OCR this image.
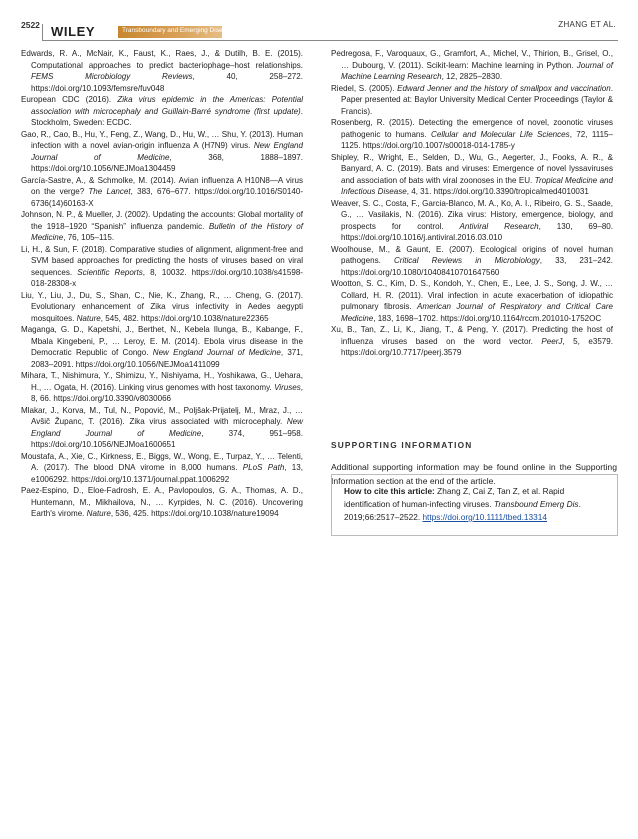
2522 WILEY	Transboundary and Emerging Diseases
ZHANG ET AL.
Edwards, R. A., McNair, K., Faust, K., Raes, J., & Dutilh, B. E. (2015). Computational approaches to predict bacteriophage–host relationships. FEMS Microbiology Reviews, 40, 258–272. https://doi.org/10.1093/femsre/fuv048
European CDC (2016). Zika virus epidemic in the Americas: Potential association with microcephaly and Guillain-Barré syndrome (first update). Stockholm, Sweden: ECDC.
Gao, R., Cao, B., Hu, Y., Feng, Z., Wang, D., Hu, W., … Shu, Y. (2013). Human infection with a novel avian-origin influenza A (H7N9) virus. New England Journal of Medicine, 368, 1888–1897. https://doi.org/10.1056/NEJMoa1304459
García-Sastre, A., & Schmolke, M. (2014). Avian influenza A H10N8—A virus on the verge? The Lancet, 383, 676–677. https://doi.org/10.1016/S0140-6736(14)60163-X
Johnson, N. P., & Mueller, J. (2002). Updating the accounts: Global mortality of the 1918–1920 “Spanish” influenza pandemic. Bulletin of the History of Medicine, 76, 105–115.
Li, H., & Sun, F. (2018). Comparative studies of alignment, alignment-free and SVM based approaches for predicting the hosts of viruses based on viral sequences. Scientific Reports, 8, 10032. https://doi.org/10.1038/s41598-018-28308-x
Liu, Y., Liu, J., Du, S., Shan, C., Nie, K., Zhang, R., … Cheng, G. (2017). Evolutionary enhancement of Zika virus infectivity in Aedes aegypti mosquitoes. Nature, 545, 482. https://doi.org/10.1038/nature22365
Maganga, G. D., Kapetshi, J., Berthet, N., Kebela Ilunga, B., Kabange, F., Mbala Kingebeni, P., … Leroy, E. M. (2014). Ebola virus disease in the Democratic Republic of Congo. New England Journal of Medicine, 371, 2083–2091. https://doi.org/10.1056/NEJMoa1411099
Mihara, T., Nishimura, Y., Shimizu, Y., Nishiyama, H., Yoshikawa, G., Uehara, H., … Ogata, H. (2016). Linking virus genomes with host taxonomy. Viruses, 8, 66. https://doi.org/10.3390/v8030066
Mlakar, J., Korva, M., Tul, N., Popović, M., Poljšak-Prijatelj, M., Mraz, J., … Avšič Županc, T. (2016). Zika virus associated with microcephaly. New England Journal of Medicine, 374, 951–958. https://doi.org/10.1056/NEJMoa1600651
Moustafa, A., Xie, C., Kirkness, E., Biggs, W., Wong, E., Turpaz, Y., … Telenti, A. (2017). The blood DNA virome in 8,000 humans. PLoS Path, 13, e1006292. https://doi.org/10.1371/journal.ppat.1006292
Paez-Espino, D., Eloe-Fadrosh, E. A., Pavlopoulos, G. A., Thomas, A. D., Huntemann, M., Mikhailova, N., … Kyrpides, N. C. (2016). Uncovering Earth's virome. Nature, 536, 425. https://doi.org/10.1038/nature19094
Pedregosa, F., Varoquaux, G., Gramfort, A., Michel, V., Thirion, B., Grisel, O., … Dubourg, V. (2011). Scikit-learn: Machine learning in Python. Journal of Machine Learning Research, 12, 2825–2830.
Riedel, S. (2005). Edward Jenner and the history of smallpox and vaccination. Paper presented at: Baylor University Medical Center Proceedings (Taylor & Francis).
Rosenberg, R. (2015). Detecting the emergence of novel, zoonotic viruses pathogenic to humans. Cellular and Molecular Life Sciences, 72, 1115–1125. https://doi.org/10.1007/s00018-014-1785-y
Shipley, R., Wright, E., Selden, D., Wu, G., Aegerter, J., Fooks, A. R., & Banyard, A. C. (2019). Bats and viruses: Emergence of novel lyssaviruses and association of bats with viral zoonoses in the EU. Tropical Medicine and Infectious Disease, 4, 31. https://doi.org/10.3390/tropicalmed4010031
Weaver, S. C., Costa, F., Garcia-Blanco, M. A., Ko, A. I., Ribeiro, G. S., Saade, G., … Vasilakis, N. (2016). Zika virus: History, emergence, biology, and prospects for control. Antiviral Research, 130, 69–80. https://doi.org/10.1016/j.antiviral.2016.03.010
Woolhouse, M., & Gaunt, E. (2007). Ecological origins of novel human pathogens. Critical Reviews in Microbiology, 33, 231–242. https://doi.org/10.1080/10408410701647560
Wootton, S. C., Kim, D. S., Kondoh, Y., Chen, E., Lee, J. S., Song, J. W., … Collard, H. R. (2011). Viral infection in acute exacerbation of idiopathic pulmonary fibrosis. American Journal of Respiratory and Critical Care Medicine, 183, 1698–1702. https://doi.org/10.1164/rccm.201010-1752OC
Xu, B., Tan, Z., Li, K., Jiang, T., & Peng, Y. (2017). Predicting the host of influenza viruses based on the word vector. PeerJ, 5, e3579. https://doi.org/10.7717/peerj.3579
SUPPORTING INFORMATION
Additional supporting information may be found online in the Supporting Information section at the end of the article.
How to cite this article: Zhang Z, Cai Z, Tan Z, et al. Rapid identification of human-infecting viruses. Transbound Emerg Dis. 2019;66:2517–2522. https://doi.org/10.1111/tbed.13314
